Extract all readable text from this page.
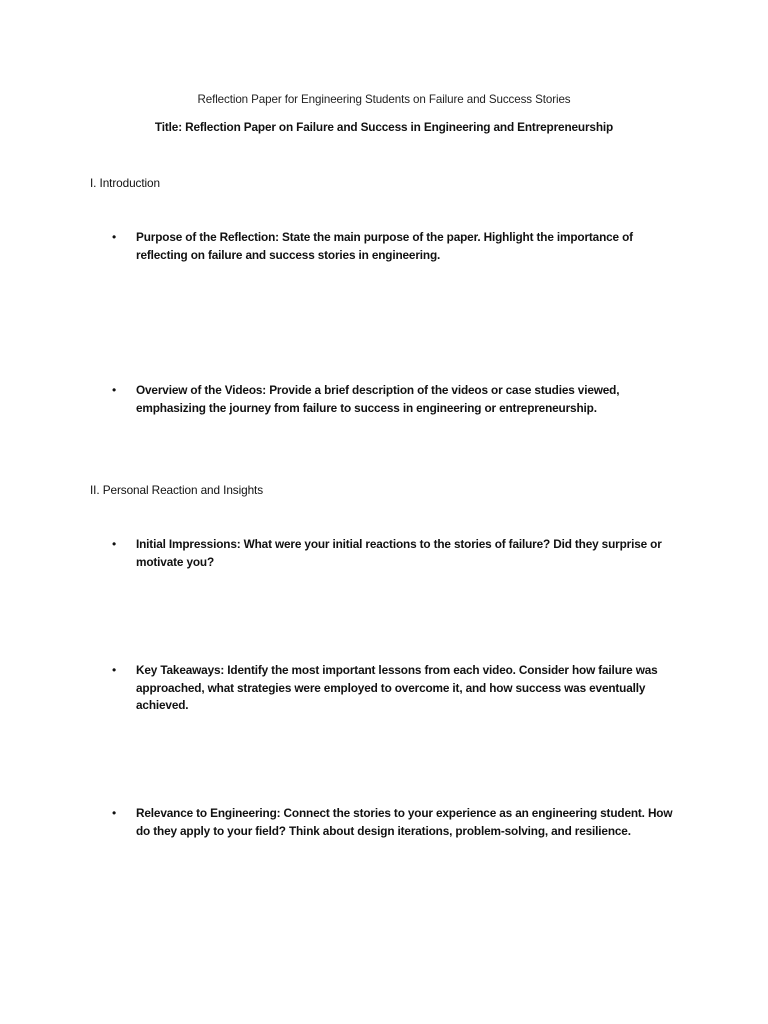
Reflection Paper for Engineering Students on Failure and Success Stories
Title: Reflection Paper on Failure and Success in Engineering and Entrepreneurship
I. Introduction
• Purpose of the Reflection: State the main purpose of the paper. Highlight the importance of reflecting on failure and success stories in engineering.
• Overview of the Videos: Provide a brief description of the videos or case studies viewed, emphasizing the journey from failure to success in engineering or entrepreneurship.
II. Personal Reaction and Insights
• Initial Impressions: What were your initial reactions to the stories of failure? Did they surprise or motivate you?
• Key Takeaways: Identify the most important lessons from each video. Consider how failure was approached, what strategies were employed to overcome it, and how success was eventually achieved.
• Relevance to Engineering: Connect the stories to your experience as an engineering student. How do they apply to your field? Think about design iterations, problem-solving, and resilience.
